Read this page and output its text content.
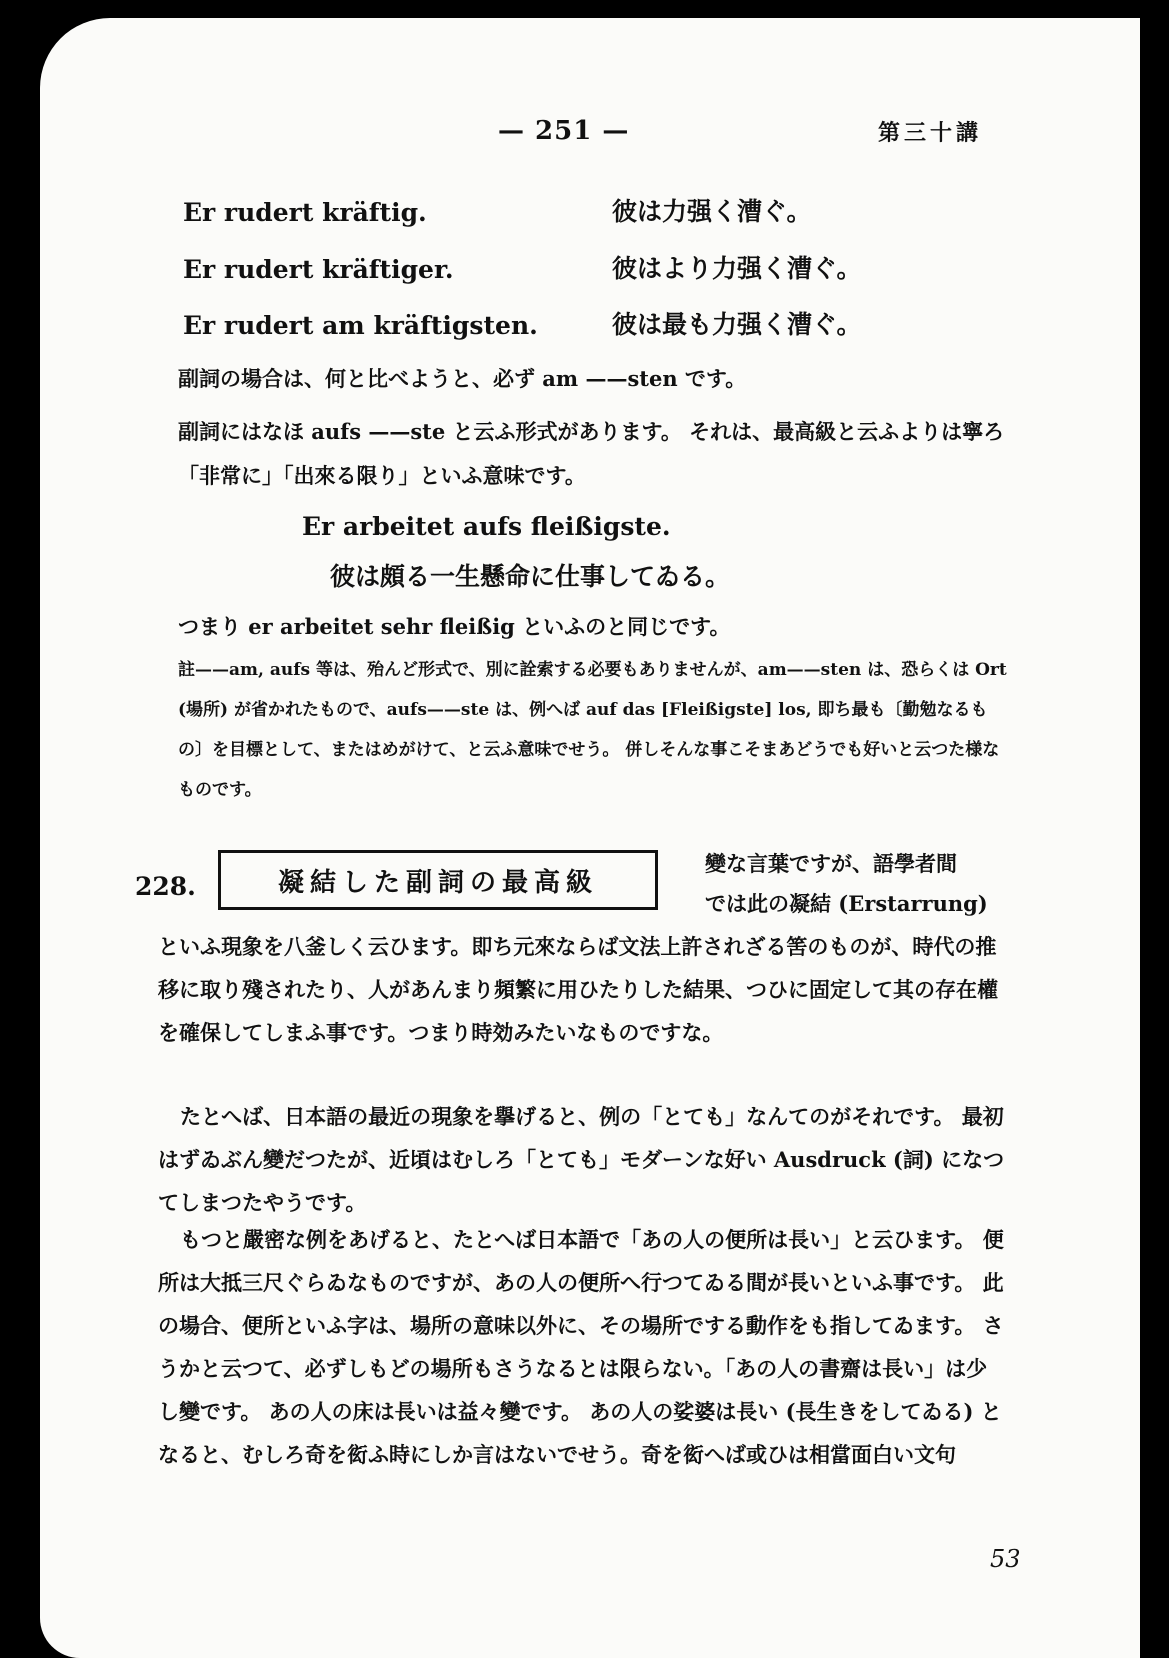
— 251 —	第三十講
Er rudert kräftig.	彼は力强く漕ぐ。
Er rudert kräftiger.	彼はより力强く漕ぐ。
Er rudert am kräftigsten.	彼は最も力强く漕ぐ。
副詞の場合は、何と比べようと、必ず am ——sten です。
副詞にはなほ aufs ——ste と云ふ形式があります。 それは、最高級と云ふよりは寧ろ「非常に」「出來る限り」といふ意味です。
Er arbeitet aufs fleißigste.
彼は頗る一生懸命に仕事してゐる。
つまり er arbeitet sehr fleißig といふのと同じです。
註——am, aufs 等は、殆んど形式で、別に詮索する必要もありませんが、am——sten は、恐らくは Ort (場所) が省かれたもので、aufs——ste は、例へば auf das [Fleißigste] los, 即ち最も〔勤勉なるもの〕を目標として、またはめがけて、と云ふ意味でせう。 併しそんな事こそまあどうでも好いと云つた様なものです。
228.	凝結した副詞の最高級
變な言葉ですが、語學者間
では此の凝結 (Erstarrung)
といふ現象を八釜しく云ひます。即ち元來ならば文法上許されざる筈のものが、時代の推移に取り殘されたり、人があんまり頻繁に用ひたりした結果、つひに固定して其の存在權を確保してしまふ事です。つまり時効みたいなものですな。
たとへば、日本語の最近の現象を擧げると、例の「とても」なんてのがそれです。 最初はずゐぶん變だつたが、近頃はむしろ「とても」モダーンな好い Ausdruck (詞) になつてしまつたやうです。
もつと嚴密な例をあげると、たとへば日本語で「あの人の便所は長い」と云ひます。 便所は大抵三尺ぐらゐなものですが、あの人の便所へ行つてゐる間が長いといふ事です。 此の場合、便所といふ字は、場所の意味以外に、その場所でする動作をも指してゐます。 さうかと云つて、必ずしもどの場所もさうなるとは限らない。「あの人の書齋は長い」は少し變です。 あの人の床は長いは益々變です。 あの人の娑婆は長い (長生きをしてゐる) となると、むしろ奇を衒ふ時にしか言はないでせう。奇を衒へば或ひは相當面白い文句
53
